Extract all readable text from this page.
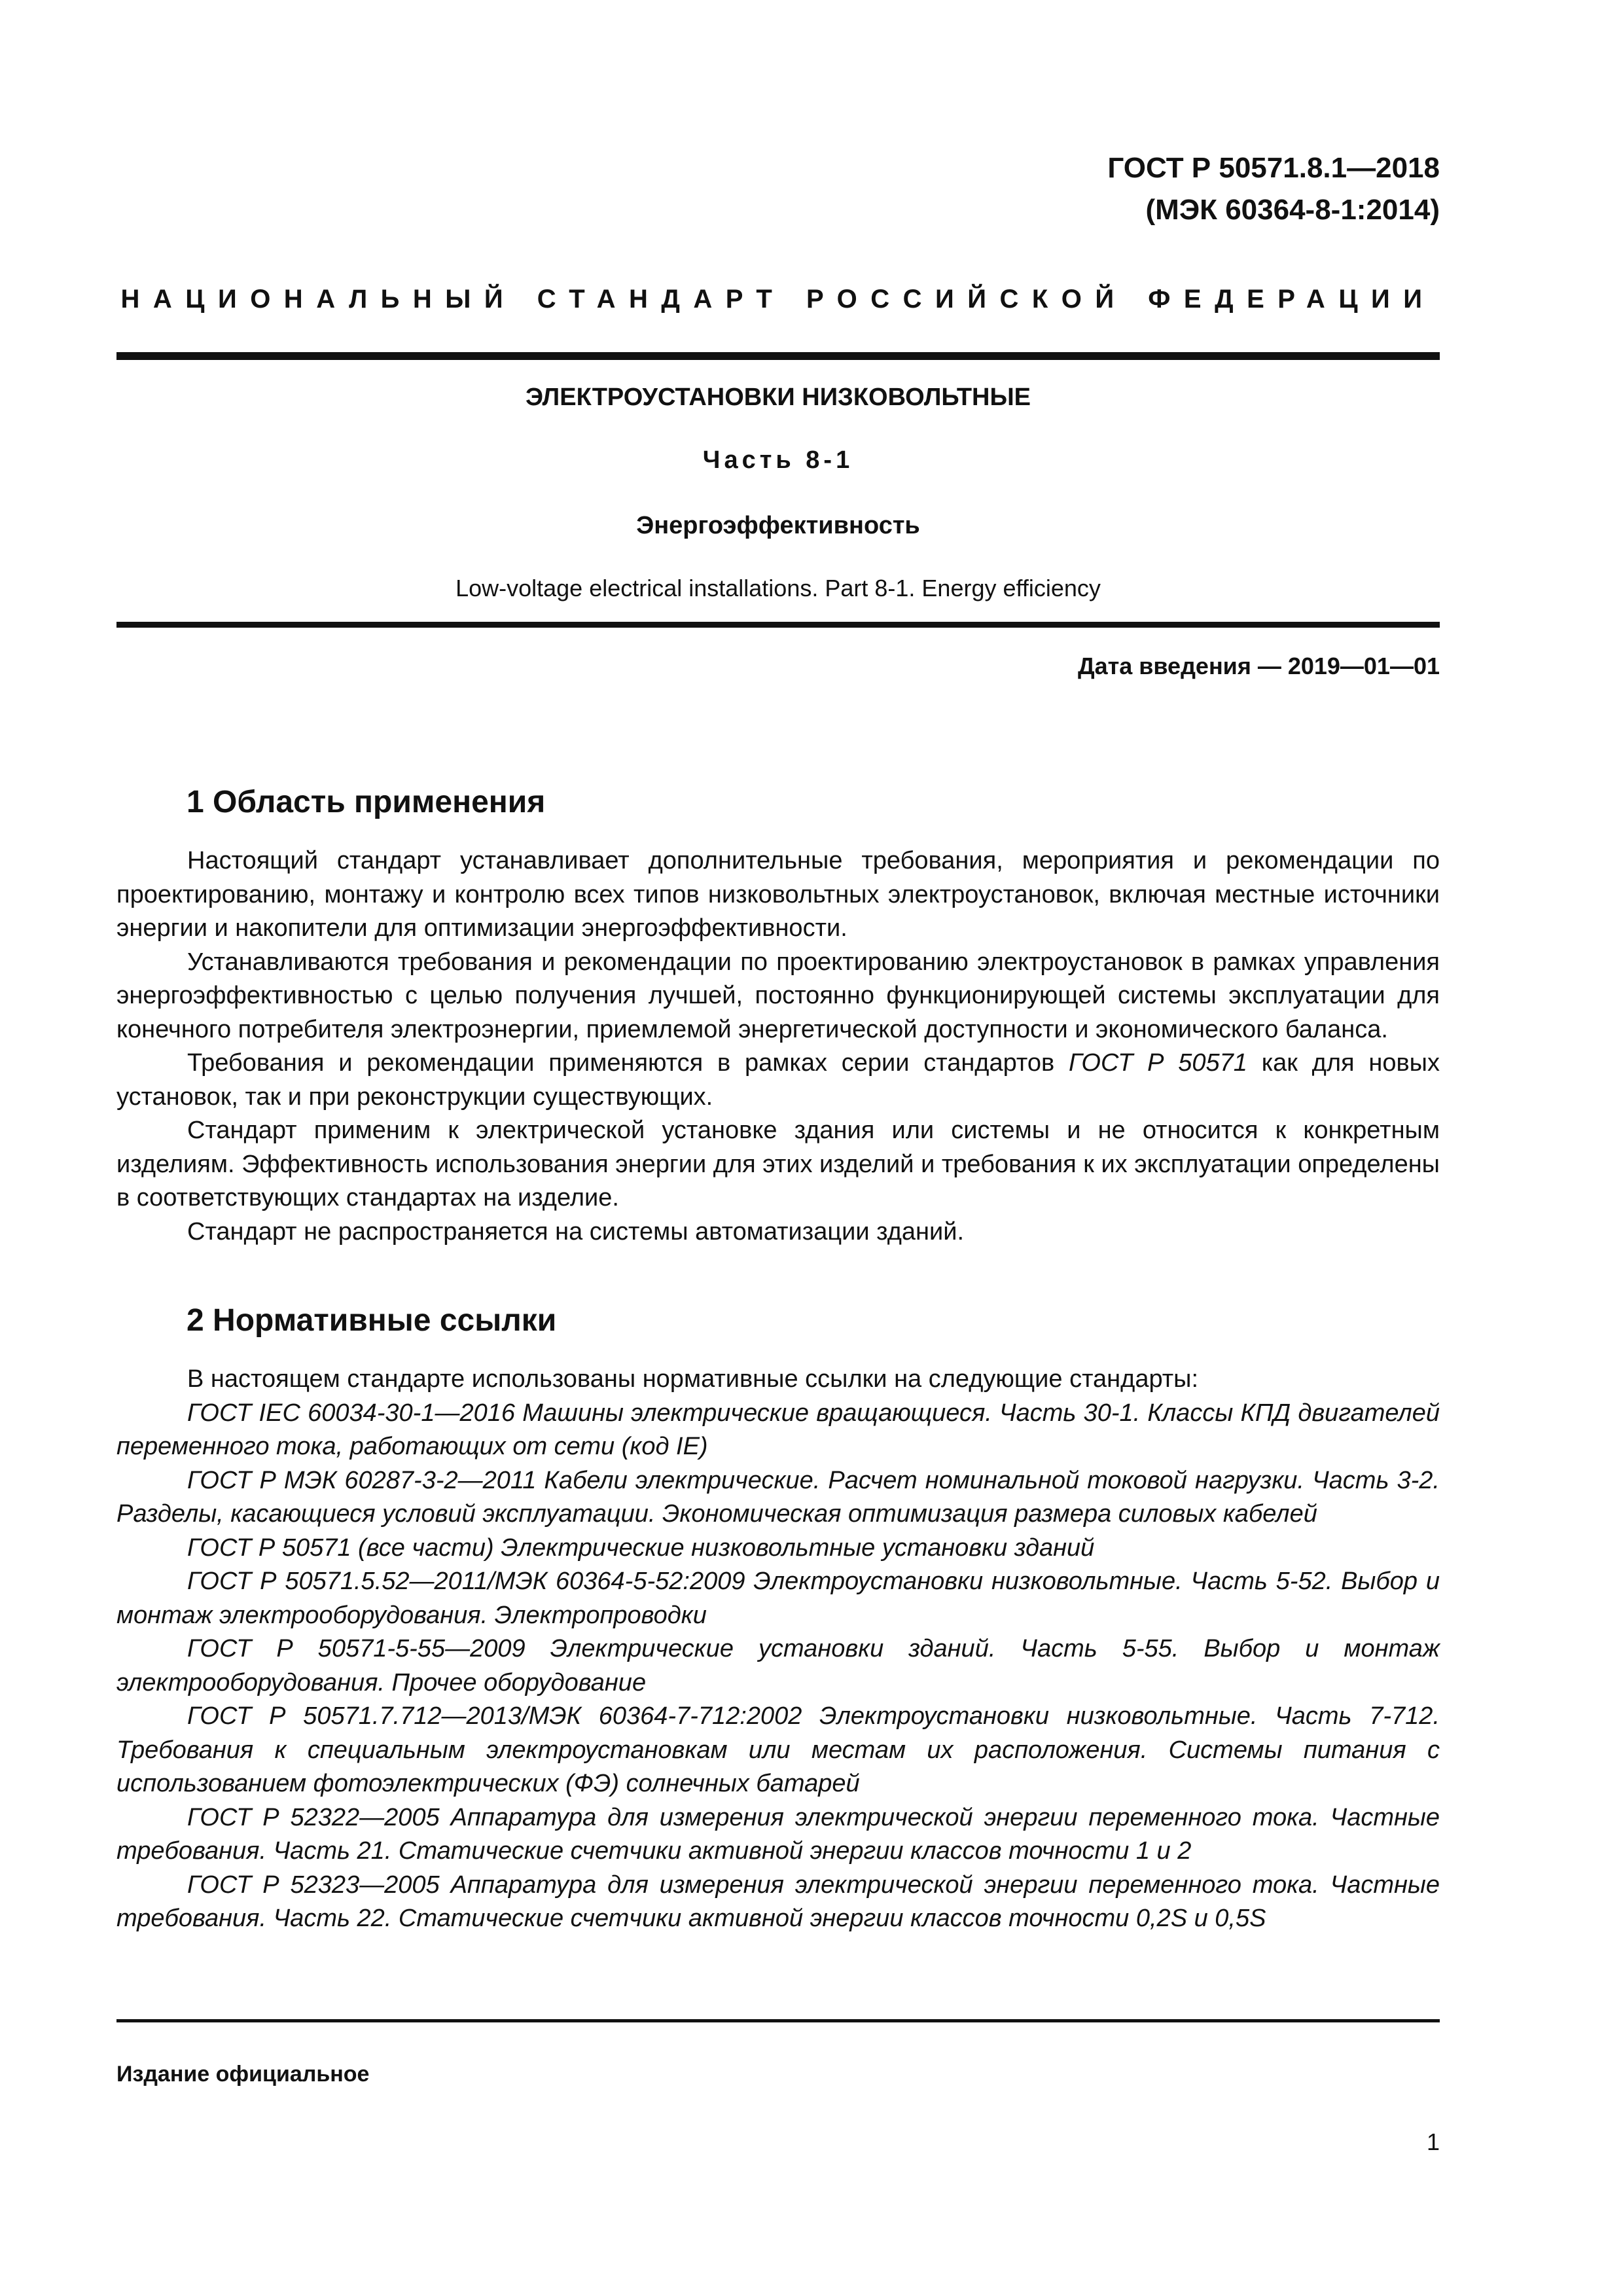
ГОСТ Р 50571.8.1—2018
(МЭК 60364-8-1:2014)
НАЦИОНАЛЬНЫЙ СТАНДАРТ РОССИЙСКОЙ ФЕДЕРАЦИИ
ЭЛЕКТРОУСТАНОВКИ НИЗКОВОЛЬТНЫЕ
Часть 8-1
Энергоэффективность
Low-voltage electrical installations. Part 8-1. Energy efficiency
Дата введения — 2019—01—01
1 Область применения

Настоящий стандарт устанавливает дополнительные требования, мероприятия и рекомендации по проектированию, монтажу и контролю всех типов низковольтных электроустановок, включая местные источники энергии и накопители для оптимизации энергоэффективности.

Устанавливаются требования и рекомендации по проектированию электроустановок в рамках управления энергоэффективностью с целью получения лучшей, постоянно функционирующей системы эксплуатации для конечного потребителя электроэнергии, приемлемой энергетической доступности и экономического баланса.

Требования и рекомендации применяются в рамках серии стандартов ГОСТ Р 50571 как для новых установок, так и при реконструкции существующих.

Стандарт применим к электрической установке здания или системы и не относится к конкретным изделиям. Эффективность использования энергии для этих изделий и требования к их эксплуатации определены в соответствующих стандартах на изделие.

Стандарт не распространяется на системы автоматизации зданий.

2 Нормативные ссылки

В настоящем стандарте использованы нормативные ссылки на следующие стандарты:

ГОСТ IEC 60034-30-1—2016 Машины электрические вращающиеся. Часть 30-1. Классы КПД двигателей переменного тока, работающих от сети (код IE)

ГОСТ Р МЭК 60287-3-2—2011 Кабели электрические. Расчет номинальной токовой нагрузки. Часть 3-2. Разделы, касающиеся условий эксплуатации. Экономическая оптимизация размера силовых кабелей

ГОСТ Р 50571 (все части) Электрические низковольтные установки зданий

ГОСТ Р 50571.5.52—2011/МЭК 60364-5-52:2009 Электроустановки низковольтные. Часть 5-52. Выбор и монтаж электрооборудования. Электропроводки

ГОСТ Р 50571-5-55—2009 Электрические установки зданий. Часть 5-55. Выбор и монтаж электрооборудования. Прочее оборудование

ГОСТ Р 50571.7.712—2013/МЭК 60364-7-712:2002 Электроустановки низковольтные. Часть 7-712. Требования к специальным электроустановкам или местам их расположения. Системы питания с использованием фотоэлектрических (ФЭ) солнечных батарей

ГОСТ Р 52322—2005 Аппаратура для измерения электрической энергии переменного тока. Частные требования. Часть 21. Статические счетчики активной энергии классов точности 1 и 2

ГОСТ Р 52323—2005 Аппаратура для измерения электрической энергии переменного тока. Частные требования. Часть 22. Статические счетчики активной энергии классов точности 0,2S и 0,5S

Издание официальное
1
